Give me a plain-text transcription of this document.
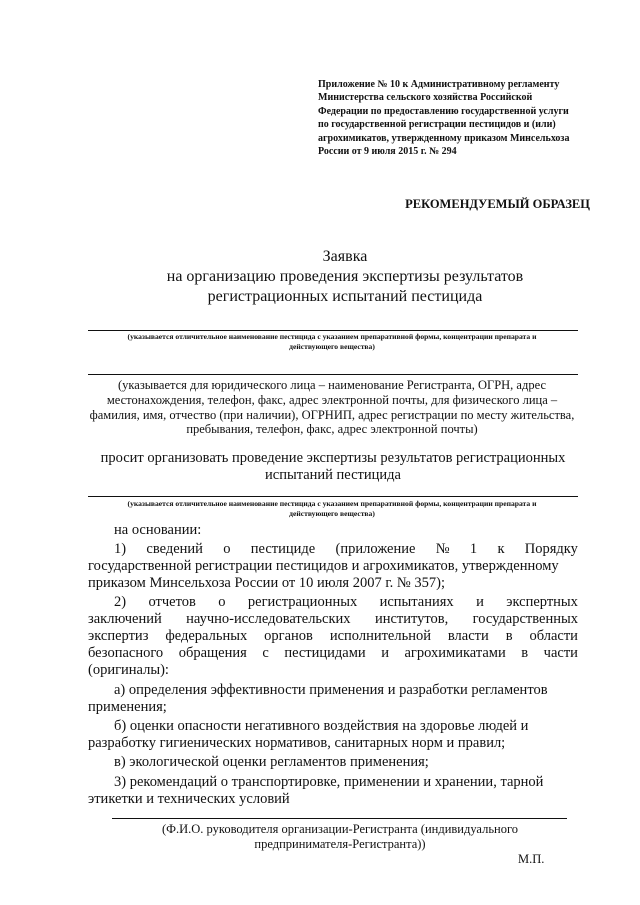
Приложение № 10 к Административному регламенту
Министерства сельского хозяйства Российской
Федерации по предоставлению государственной услуги
по государственной регистрации пестицидов и (или)
агрохимикатов, утвержденному приказом Минсельхоза
России от 9 июля 2015 г. № 294
РЕКОМЕНДУЕМЫЙ ОБРАЗЕЦ
Заявка
на организацию проведения экспертизы результатов
регистрационных испытаний пестицида
(указывается отличительное наименование пестицида с указанием препаративной формы, концентрации препарата и
действующего вещества)
(указывается для юридического лица – наименование Регистранта, ОГРН, адрес
местонахождения, телефон, факс, адрес электронной почты, для физического лица –
фамилия, имя, отчество (при наличии), ОГРНИП, адрес регистрации по месту жительства,
пребывания, телефон, факс, адрес электронной почты)
просит организовать проведение экспертизы результатов регистрационных
испытаний пестицида
(указывается отличительное наименование пестицида с указанием препаративной формы, концентрации препарата и
действующего вещества)
на основании:
1) сведений о пестициде (приложение № 1 к Порядку
государственной регистрации пестицидов и агрохимикатов, утвержденному
приказом Минсельхоза России от 10 июля 2007 г. № 357);
2) отчетов о регистрационных испытаниях и экспертных
заключений научно-исследовательских институтов, государственных
экспертиз федеральных органов исполнительной власти в области
безопасного обращения с пестицидами и агрохимикатами в части
(оригиналы):
а) определения эффективности применения и разработки регламентов
применения;
б) оценки опасности негативного воздействия на здоровье людей и
разработку гигиенических нормативов, санитарных норм и правил;
в) экологической оценки регламентов применения;
3) рекомендаций о транспортировке, применении и хранении, тарной
этикетки и технических условий
(Ф.И.О. руководителя организации-Регистранта (индивидуального
предпринимателя-Регистранта))
М.П.
